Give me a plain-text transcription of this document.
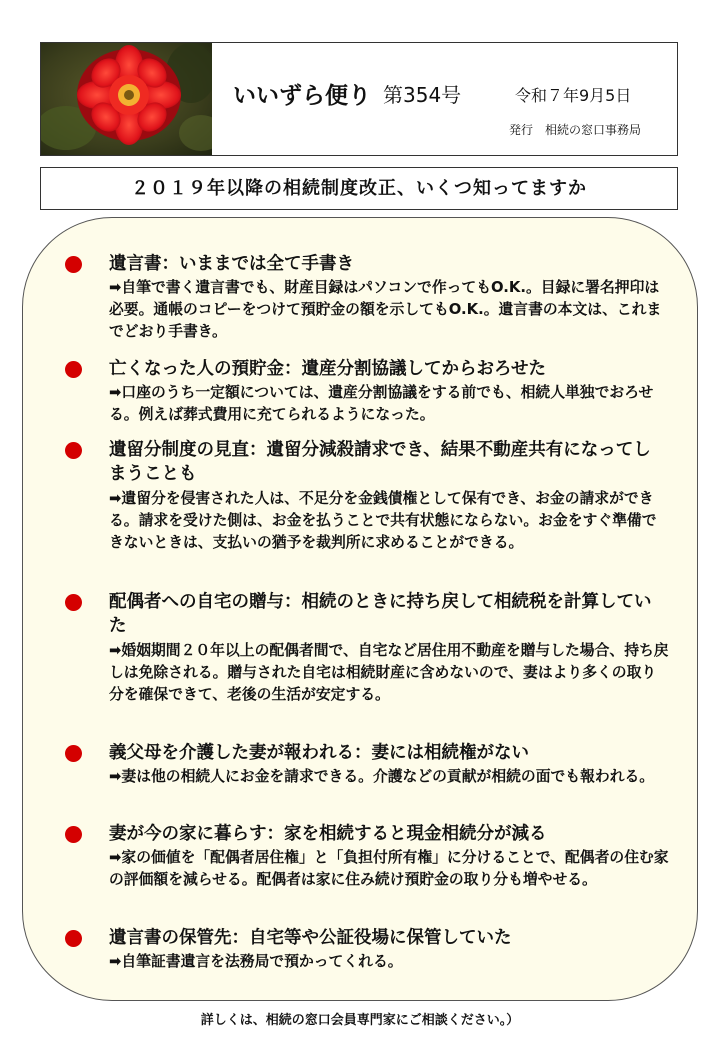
いいずら便り 第354号	令和７年9月5日
発行　相続の窓口事務局
２０１９年以降の相続制度改正、いくつ知ってますか
遺言書：いままでは全て手書き

➡自筆で書く遺言書でも、財産目録はパソコンで作ってもO.K.。目録に署名押印は必要。通帳のコピーをつけて預貯金の額を示してもO.K.。遺言書の本文は、これまでどおり手書き。

亡くなった人の預貯金：遺産分割協議してからおろせた

➡口座のうち一定額については、遺産分割協議をする前でも、相続人単独でおろせる。例えば葬式費用に充てられるようになった。

遺留分制度の見直：遺留分減殺請求でき、結果不動産共有になってしまうことも

➡遺留分を侵害された人は、不足分を金銭債権として保有でき、お金の請求ができる。請求を受けた側は、お金を払うことで共有状態にならない。お金をすぐ準備できないときは、支払いの猶予を裁判所に求めることができる。

配偶者への自宅の贈与：相続のときに持ち戻して相続税を計算していた

➡婚姻期間２０年以上の配偶者間で、自宅など居住用不動産を贈与した場合、持ち戻しは免除される。贈与された自宅は相続財産に含めないので、妻はより多くの取り分を確保できて、老後の生活が安定する。

義父母を介護した妻が報われる：妻には相続権がない

➡妻は他の相続人にお金を請求できる。介護などの貢献が相続の面でも報われる。

妻が今の家に暮らす：家を相続すると現金相続分が減る

➡家の価値を「配偶者居住権」と「負担付所有権」に分けることで、配偶者の住む家の評価額を減らせる。配偶者は家に住み続け預貯金の取り分も増やせる。

遺言書の保管先：自宅等や公証役場に保管していた

➡自筆証書遺言を法務局で預かってくれる。

詳しくは、相続の窓口会員専門家にご相談ください。）
